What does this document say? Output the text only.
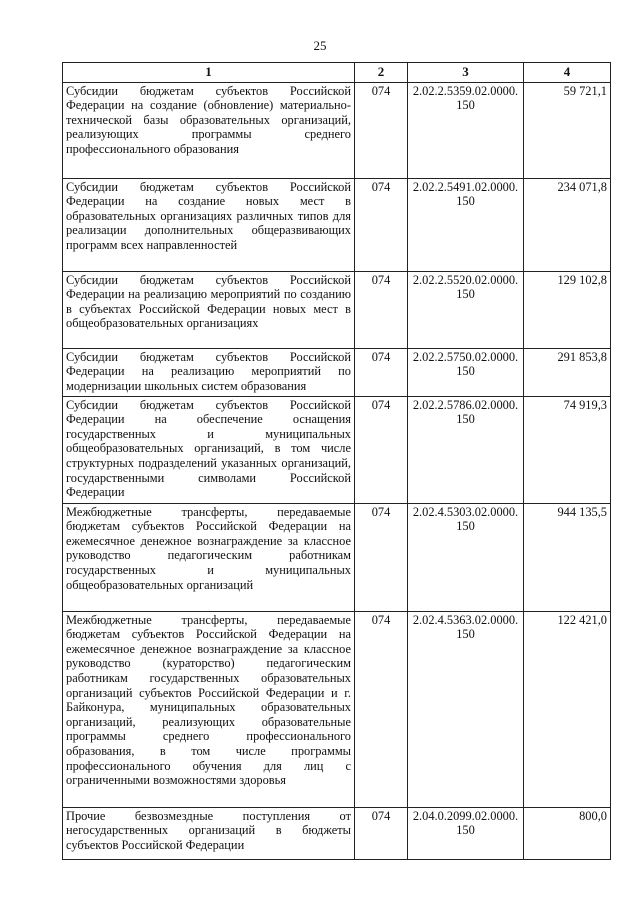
25
1	2	3	4
Субсидии бюджетам субъектов Российской Федерации на создание (обновление) материально-технической базы образовательных организаций, реализующих программы среднего профессионального образования	074	2.02.2.5359.02.0000. 150	59 721,1
Субсидии бюджетам субъектов Российской Федерации на создание новых мест в образовательных организациях различных типов для реализации дополнительных общеразвивающих программ всех направленностей	074	2.02.2.5491.02.0000. 150	234 071,8
Субсидии бюджетам субъектов Российской Федерации на реализацию мероприятий по созданию в субъектах Российской Федерации новых мест в общеобразовательных организациях	074	2.02.2.5520.02.0000. 150	129 102,8
Субсидии бюджетам субъектов Российской Федерации на реализацию мероприятий по модернизации школьных систем образования	074	2.02.2.5750.02.0000. 150	291 853,8
Субсидии бюджетам субъектов Российской Федерации на обеспечение оснащения государственных и муниципальных общеобразовательных организаций, в том числе структурных подразделений указанных организаций, государственными символами Российской Федерации	074	2.02.2.5786.02.0000. 150	74 919,3
Межбюджетные трансферты, передаваемые бюджетам субъектов Российской Федерации на ежемесячное денежное вознаграждение за классное руководство педагогическим работникам государственных и муниципальных общеобразовательных организаций	074	2.02.4.5303.02.0000. 150	944 135,5
Межбюджетные трансферты, передаваемые бюджетам субъектов Российской Федерации на ежемесячное денежное вознаграждение за классное руководство (кураторство) педагогическим работникам государственных образовательных организаций субъектов Российской Федерации и г. Байконура, муниципальных образовательных организаций, реализующих образовательные программы среднего профессионального образования, в том числе программы профессионального обучения для лиц с ограниченными возможностями здоровья	074	2.02.4.5363.02.0000. 150	122 421,0
Прочие безвозмездные поступления от негосударственных организаций в бюджеты субъектов Российской Федерации	074	2.04.0.2099.02.0000. 150	800,0
